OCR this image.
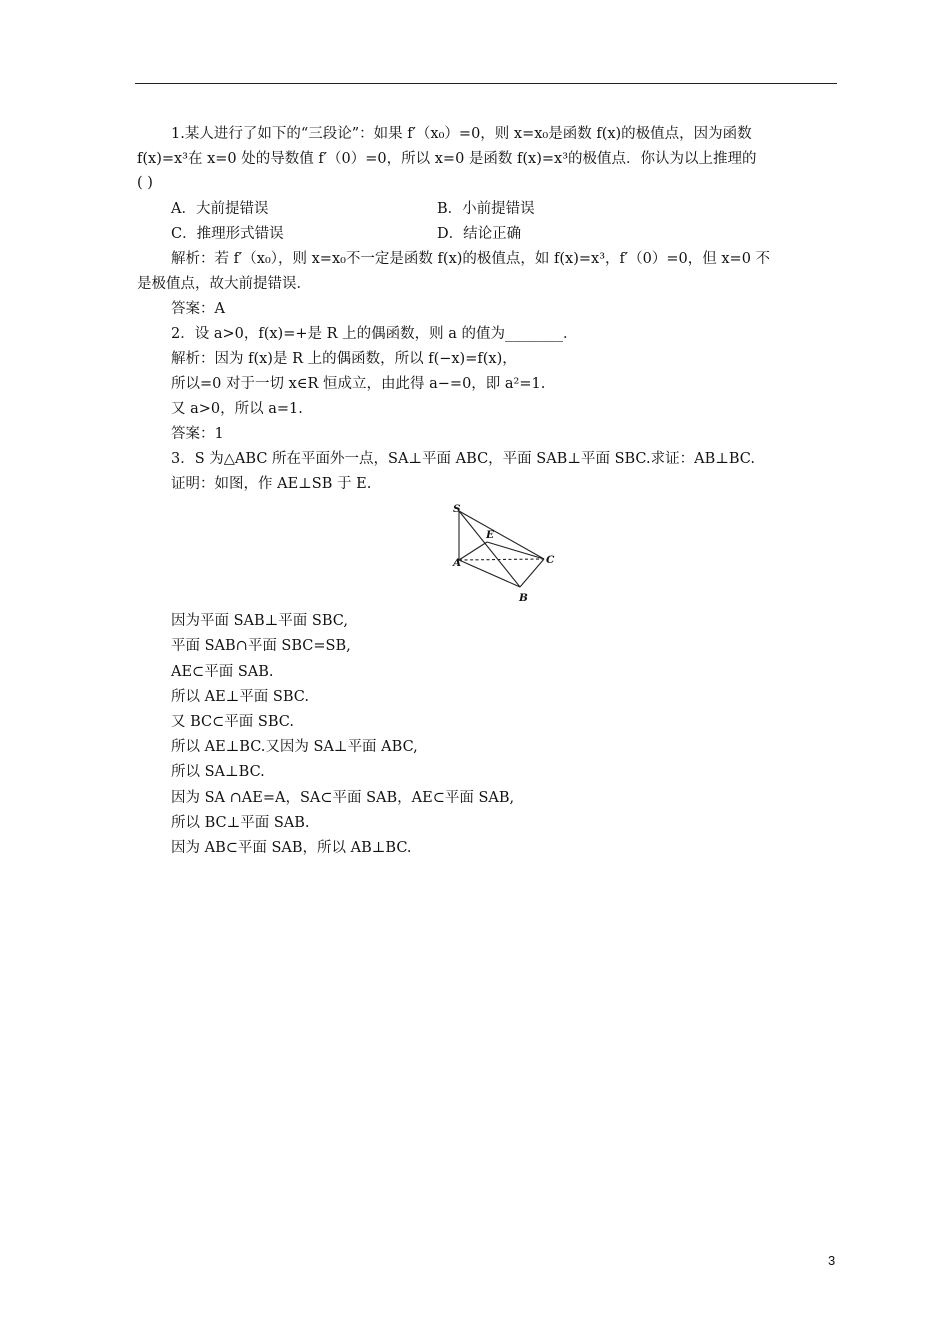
1.某人进行了如下的“三段论”：如果 f′（x₀）=0，则 x=x₀是函数 f(x)的极值点，因为函数
f(x)=x³在 x=0 处的导数值 f′（0）=0，所以 x=0 是函数 f(x)=x³的极值点．你认为以上推理的
( )
A．大前提错误	B．小前提错误
C．推理形式错误	D．结论正确
解析：若 f′（x₀），则 x=x₀不一定是函数 f(x)的极值点，如 f(x)=x³，f′（0）=0，但 x=0 不
是极值点，故大前提错误．
答案：A
2．设 a>0，f(x)=+是 R 上的偶函数，则 a 的值为________．
解析：因为 f(x)是 R 上的偶函数，所以 f(−x)=f(x)，
所以=0 对于一切 x∈R 恒成立，由此得 a−=0，即 a²=1.
又 a>0，所以 a=1.
答案：1
3．S 为△ABC 所在平面外一点，SA⊥平面 ABC，平面 SAB⊥平面 SBC.求证：AB⊥BC.
证明：如图，作 AE⊥SB 于 E.
S
E
A	C
B
因为平面 SAB⊥平面 SBC,
平面 SAB∩平面 SBC=SB,
AE⊂平面 SAB.
所以 AE⊥平面 SBC.
又 BC⊂平面 SBC.
所以 AE⊥BC.又因为 SA⊥平面 ABC,
所以 SA⊥BC.
因为 SA ∩AE=A，SA⊂平面 SAB，AE⊂平面 SAB,
所以 BC⊥平面 SAB.
因为 AB⊂平面 SAB，所以 AB⊥BC.
3
